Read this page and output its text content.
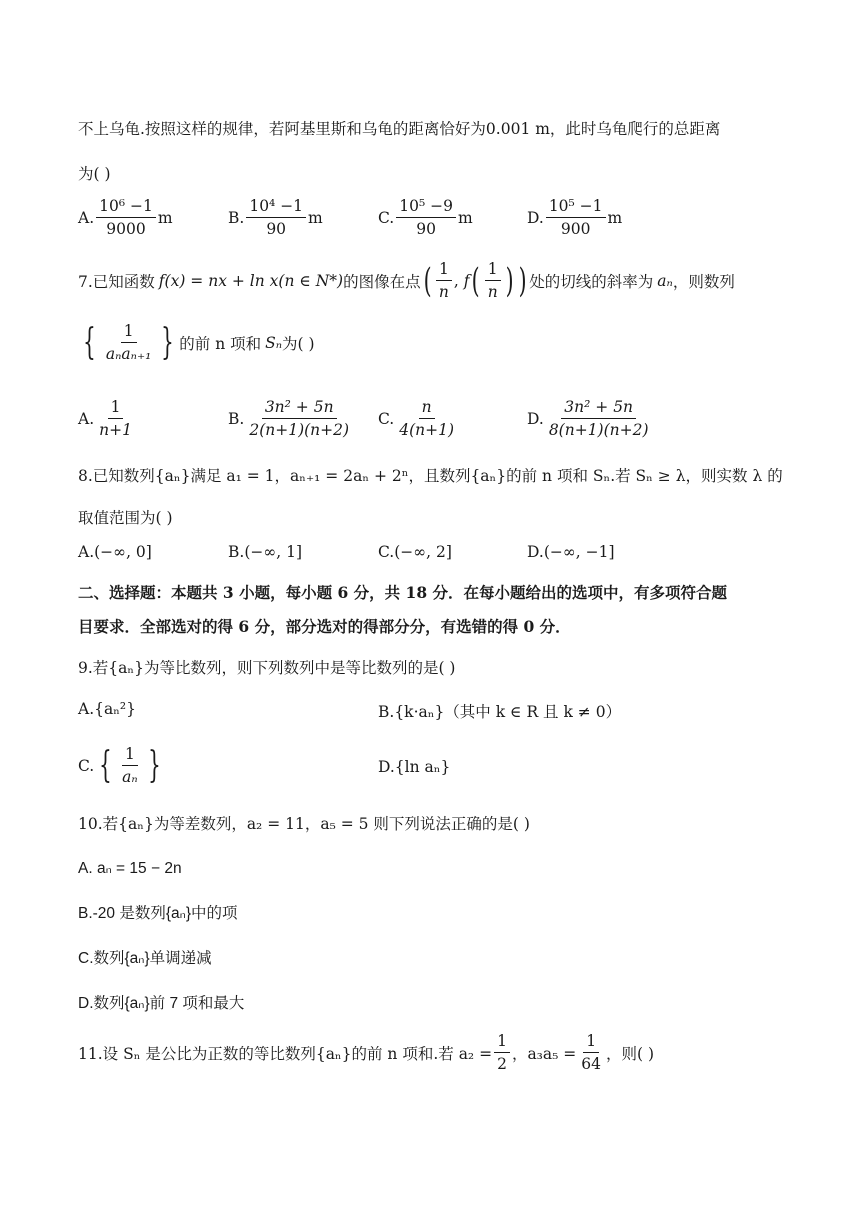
不上乌龟.按照这样的规律，若阿基里斯和乌龟的距离恰好为0.001 m，此时乌龟爬行的总距离
为( )
A. $\frac{\text{10⁶ −1}}{9000}$ m	B. $\frac{\text{10⁴ −1}}{90}$ m	C. $\frac{\text{10⁵ −9}}{90}$ m	D. $\frac{\text{10⁵ −1}}{900}$ m
7.已知函数 f(x) = nx + ln x (n ∈ N*) 的图像在点 ( $\frac{1}{n}$ , f ( $\frac{1}{n}$ ) ) 处的切线的斜率为 aₙ ，则数列
{ $\frac{1}{\text{aₙaₙ₊₁}}$ } 的前 n 项和 Sₙ 为( )
A. $\frac{1}{n+1}$	B. $\frac{\text{3n² + 5n}}{2(n+1)(n+2)} C$. $\frac{n}{4(n+1)}$	D. $\frac{\text{3n² + 5n}}{8(n+1)(n+2)}$
8.已知数列{aₙ}满足 a₁ = 1，aₙ₊₁ = 2aₙ + 2ⁿ，且数列{aₙ}的前 n 项和 Sₙ.若 Sₙ ≥ λ，则实数 λ 的
取值范围为( )
A. (−∞, 0]	B. (−∞, 1]	C. (−∞, 2]	D. (−∞, −1]
二、选择题：本题共 3 小题，每小题 6 分，共 18 分．在每小题给出的选项中，有多项符合题
目要求．全部选对的得 6 分，部分选对的得部分分，有选错的得 0 分．
9.若{aₙ}为等比数列，则下列数列中是等比数列的是( )
A.{aₙ²}	B.{k·aₙ}（其中 k ∈ R 且 k ≠ 0）
C. { $\frac{1}{\text{aₙ}}$ }	D.{ln aₙ}
10.若{aₙ}为等差数列，a₂ = 11，a₅ = 5 则下列说法正确的是( )
A. aₙ = 15 − 2n
B.-20 是数列{aₙ}中的项
C.数列{aₙ}单调递减
D.数列{aₙ}前 7 项和最大
11.设 Sₙ 是公比为正数的等比数列{aₙ}的前 n 项和.若 $a_2 = \frac{1}{2}$ ，$a_3a_5 = \frac{1}{64}$ ，则( )
